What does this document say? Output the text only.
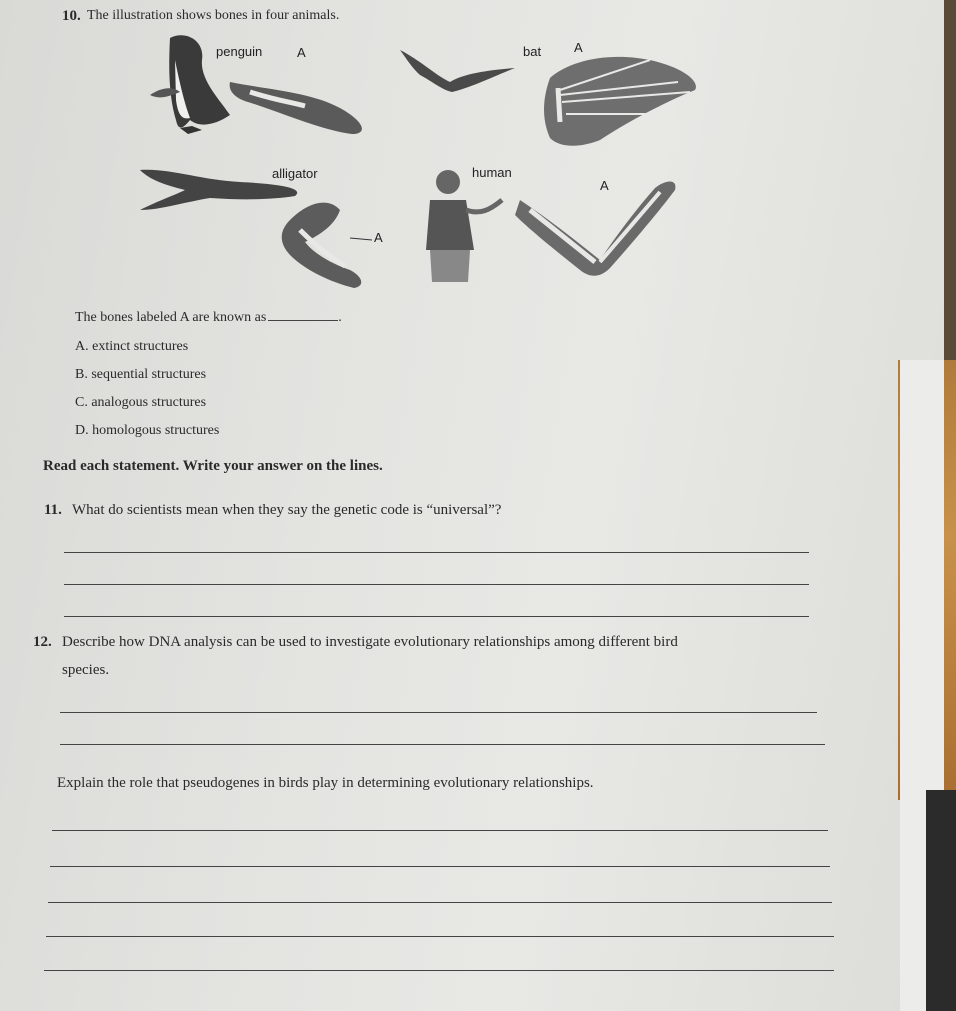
10. The illustration shows bones in four animals.
penguin	A	bat	A
alligator
A
human
A
The bones labeled A are known as	.
A. extinct structures
B. sequential structures
C. analogous structures
D. homologous structures
Read each statement. Write your answer on the lines.
11. What do scientists mean when they say the genetic code is “universal”?
12. Describe how DNA analysis can be used to investigate evolutionary relationships among different bird
species.
Explain the role that pseudogenes in birds play in determining evolutionary relationships.
